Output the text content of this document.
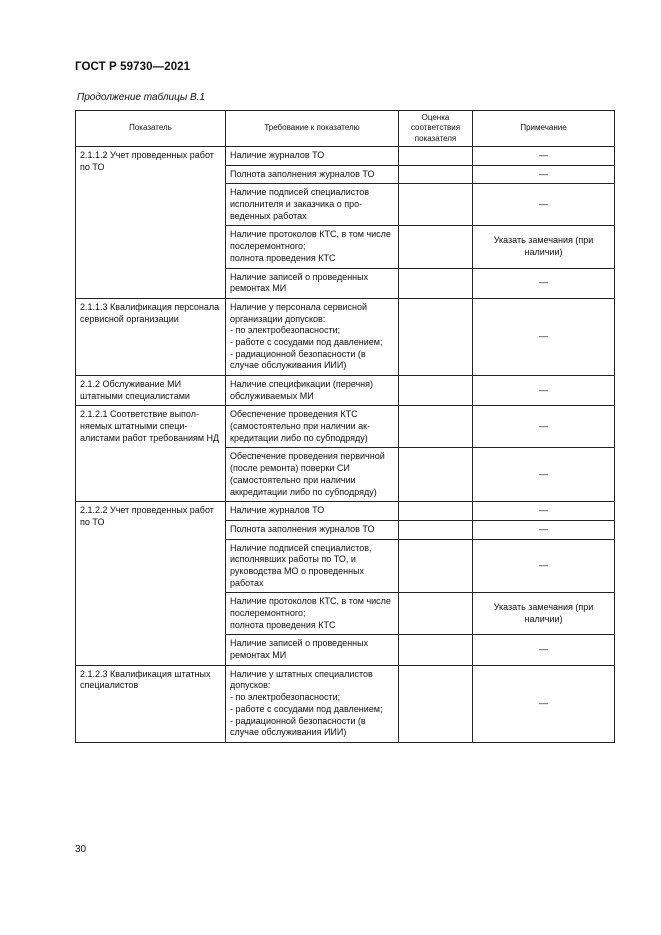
ГОСТ Р 59730—2021
Продолжение таблицы В.1
Показатель	Требование к показателю	Оценка соответствия показателя	Примечание
2.1.1.2 Учет проведенных работ по ТО	Наличие журналов ТО		—
	Полнота заполнения журналов ТО		—
	Наличие подписей специалистов исполнителя и заказчика о проведенных работах		—
	Наличие протоколов КТС, в том числе послеремонтного;
полнота проведения КТС		Указать замечания (при наличии)
	Наличие записей о проведенных ремонтах МИ		—
2.1.1.3 Квалификация персонала сервисной организации	Наличие у персонала сервисной организации допусков:
- по электробезопасности;
- работе с сосудами под давлением;
- радиационной безопасности (в случае обслуживания ИИИ)		—
2.1.2 Обслуживание МИ штатными специалистами	Наличие спецификации (перечня) обслуживаемых МИ		—
2.1.2.1 Соответствие выполняемых штатными специалистами работ требованиям НД	Обеспечение проведения КТС (самостоятельно при наличии аккредитации либо по субподряду)		—
	Обеспечение проведения первичной (после ремонта) поверки СИ (самостоятельно при наличии аккредитации либо по субподряду)		—
2.1.2.2 Учет проведенных работ по ТО	Наличие журналов ТО		—
	Полнота заполнения журналов ТО		—
	Наличие подписей специалистов, исполнявших работы по ТО, и руководства МО о проведенных работах		—
	Наличие протоколов КТС, в том числе послеремонтного;
полнота проведения КТС		Указать замечания (при наличии)
	Наличие записей о проведенных ремонтах МИ		—
2.1.2.3 Квалификация штатных специалистов	Наличие у штатных специалистов допусков:
- по электробезопасности;
- работе с сосудами под давлением;
- радиационной безопасности (в случае обслуживания ИИИ)		—
30
